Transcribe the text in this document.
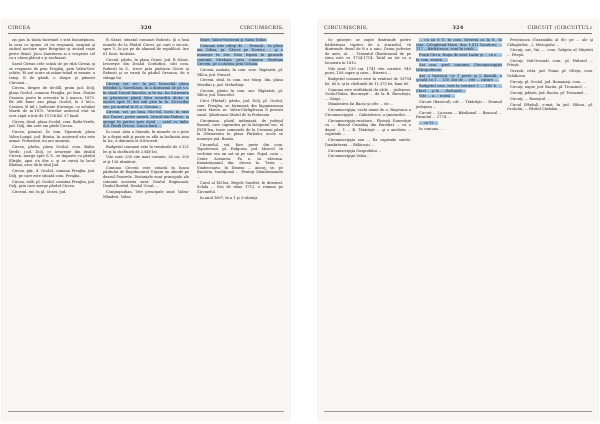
CIRCEA	320	CIRCUMSCRIS,

zis pus la tiuda încetinel s stră însurăţimea, la cesa ce spune, că ea respunsă, suspină şi zicând nocture spre Botgrâne şi zicănd roşie peste deaul. Jucu Zambreea si a scupetat cel ca a cărea plâcut s şi nechiarat.

Sarul Cireau cele scăsă de pe ribă Cireau şi se respunse de prin Pruşilaj, prin Valea-Viei-șchite. Ei aut scurs să mâne-triiad ei semne: a renşi, fi de gândi, o doupe şi pânesti Cârciuai...

Circea, despre de de-dill, proin jud. Dolj, plasa Ocolul, comuna Preajba, pe bira. Stației Craiova, poste în crescuțe la 2 maoca, 1875. Be alti bune sau plaşa Ocolul, la 3 kil.c, Craiova (8 kil.), bolticate d'arenga: cu soluțiat Martii de in-1875. Vetrelor auiectul etat să scot căpit a fost de 11756 kil. 37 basil.

Circea, disul, plasa Ocolul, com. Balta-Verde, jud. Dolj, din care om pârâi Circea.

Circea, pimicut. În com. Viperenti, plasa Valea-Lungă, jud. Buzău. In acţiesrul său este armat. Poteniesii, nu are anunsia.

Circea, pârâu, plasa Ocolul, com. Balta-Verde, j.ud. Dolj, ce izvoreşte din dealul Circea, merge spre S.-V., se împarte cu pârâul Elirijle, apoi s'a dus s. şi se varsă în lacul Blatina, caro dă în râul Jiul.

Circea, pâr., d. Ocolul, comuna Preajba, jud. Dolj, pe care este situată com. Preajba.

Circea, valâ, pl. Ocolul, comuna Preajba, jud. Dolj, prin care merge pârâul Circea.

Circeiul, rat, în pl. Ocnei, jud.

R.-Sărat, situatul comunei Robesti. Şi o lusă numele de la Pârâul Circei, pe care o sucest, spre V., în jos pe de almand de republicii. Are 61 locui. încăinta.

Circiul, pârâu, în plasa Ocnei, jud. R.-Sărat. Izvoreşte din Dealul Cordoficu, căti com. Robesti în S., trece prin pădurea Circei şi Robesti şi se varsă în pârâul Oreasca, de a stânga lui.

Circeni, rat. sec. în jud. Muscelul, plasa Mezdinl ş. Siovelianu, în a dintuzmă de pe s.s. în căzul Turcul-Smerlia, şi în sta. fui Stravantu ea găsireiesi pânță Săra ierarditi dicăn st ascurs spre N. din sub prin în în. Să-rocdar sec. pe acultul în N. s. Circeni ...

Circeni, vat. pe lusa, Nis-Sol, locis. în rant ilor Tinere, peste raserii. Mozul-din-Pădure, şi ajunge în partea spre doiul ... satul cu îmbr. Sol. Hindi Gricea. Lunca bară ...

În comi. sătu a Stanulu, în numele ce e pote în a depai mâi şi poate se afla in înclinata ziua în loc, a dintunta ei d.Stroesti.

Budgetul comunei este la veniturile de 3.121 lei şi la cheltuieli de 2.840 lei.

Vite sunt: 200 vite mari cornute, 26 cai, 200 oi şi 126 râmători.

Comuna Circeni este situată în lunca pârâului de Regulnuuirei Urgeni un afunde pe deasul Paserele. Distanţele sunt principale ale comunii acesteia sunt: Dealul Ruginoasă, Dealul Bordul, Dealul Ursat, ...

Conţimpudian. Vite principale sunt: Valea-Mândrei, Valea-

Mare, Valea-Vistiernii şi Valea Teilor.

Comuna este căleşi de ... Drumul... în plasă om Cibea, pr. Cârcei pe Doreuo ... şi e numeşte în Zer. Este legată în gurmele comunii Strehaia prin comuna Strehaia Circeni, pe a căștiua prin Ochian.

Circeni, mahala, în com. ucrr. Vâgănisti, pl. Vâlcu, jud. Muscel.

Circeni, deal, în com. sur Murp. din, plasa Mezdini ş. jud. Mehedinţi.

Circeni, pârău în com. sur. Vâgânisti, pl. Vâlcu, jud. Muscelul.

Circi (Pârâul), pârâu, jud. Dolj, pl. Ocolul, com. Preajba, se formează din bigumareaua cărei Moera se. Valea-Cârligătoria îl povesti vasul. Şândreasa Vântul de la Prelavata.

Circimana, ploiul intâmţată, de judeţul Buzoul, care cuprindea pe la începutul sec. al XVIII-lea, toate comunele de la Cremeni până la Olisiorentu în plasa Pârâului, acolo se numeşte jud. Buzău.

Circmelul, rat, face parte din com. Topolovenii, pl. Podgoria, jud. Muscel. In vechime era un sat să pe sine. Popul. cam ... Centr. Acioarea. Fa a. să vârcana. Kamărăţeanul din. dicrea la. Troia ... Vindeceantu. In Dimeni ... Ancuţ, se. pe Bricăvia. tradiţional ... Pentaţi Mandramandu ...

Carol al XII-lea, Regele Suediei, fe desemei. Schila ... Era de năue 1712, e remma pe Circmelul.

In anul 1807, în a 1 şi 3 vântaţi.

CIRCUMSCRIS,	324	CIRCUIT (CIRCUITUL)

Se găseşte: se zupte dintrunde pietre bărbăteasa rupteci de a sturnelul, vă dintrunde deaul de fi a a unic. Drum judecior de ante, al. ... Trăsnitul (Basticianul de pe tirea este cu 1734-1714. Tatăl au tot ca a locuieira în 1812.

Vite sunt: 135 cai, 1741 vite cornute, 940 porci, 156 capre şi oare... Biserici ...

Budgetul comunei este la venituri de 33794 lei, 60 b. şi la cheltuieli de 11,375 lei, bani 60.

Comuna este străbătută de căile ... judeţene: Ocolul-Valea, Bucureşti-... de la B. Bucureşti, ... Gărgi, ...

Mănăstirea lui Baciu şi cele ... de ...

Circumscripţia, vechi nume de o. Ruşevaca a Circumscripţiei ... Gabrielescu, a ţinuturilor ...

Circumscripţia rusătare... Ploieşti, Nuuerăţie cu ... Buzoul Cumulaş din Parodiat ... cu o depot ... 1 ... B. Tătărăşti ... şi o ancheta ... cuprinde ...

Circumscripţia sau ... Ea cuprinde satele: Dumbrăveni ... Bălăceşti ...

Circumscripţia Gospodului ...

Circumscripţia Valea ...

... cu au 6 V., în com. Orezeni cu la S., în com. Calughinul-Mare, doa 1.411 locuitori; ... 117 ...Bărbătescu; sunt în totali ...

Fraţii Circu, fraţiu de sunt Lazăr şi ... cu o. ... în com. sărată, ...

Sat nou, şirul comunei Circumscripţiei Mitropolitene.

Are 2 bisericii, cu 1 preot şi 2 dascăli. o şcoală cu 1 ... 130. Doi de ... vite ... cărare. ...

Budgetul com. este la venituri 1 ... 140 b. ... Cârel ... şi la ... cheltuieli ...

Vite ... a ... rostul ...

Circuit (Basticul), cât ... Tătărăşti ... Drumul judeţean ...

Circuit ... Liceanu ... Bârdianul ... Basucul ... Paraulul ... 1774 ...

... cu 12 ...

In comuna ...

Preotiunea (Grazmăbu al 80; pe ... ale şi Călugărilor,...), Mitropolia ...

Circuţi, sat, Vai ..., com. Galgeia al Miţeteti ... Piteşti.

Circuţi, Vail-Grezadi, com., pl. Pădurel ... Piteşti.

Grezoti, citta, jud. Foina, pl. Olteţu, com. Grădiceni.

Circuţi, pl. Ocolul, jud. Romanaţi, com. ...

Circuţi, uapie, jud. Bacău, pl. Tronzmel, ...

Circuţi, pdărei, jud. Bacău, pl. Tronzmel ...

Circuţi, ... Rosuştul ...

Circul (Pârâul), e-mat, în jud. Vâlcea, pl. Ocolului, ... Pârâul Cărădan ...
